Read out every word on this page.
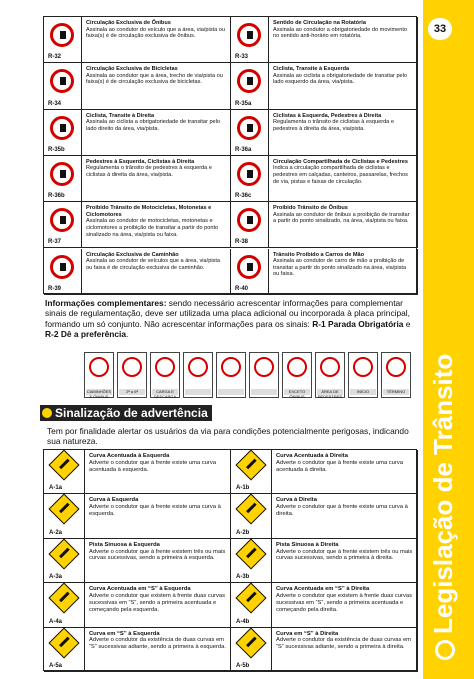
33
Legislação de Trânsito
R-32
Circulação Exclusiva de Ônibus
Assinala ao condutor do veículo que a área, via/pista ou faixa(s) é de circulação exclusiva de ônibus.
R-33
Sentido de Circulação na Rotatória
Assinala ao condutor a obrigatoriedade do movimento no sentido anti-horário em rotatória.
R-34
Circulação Exclusiva de Bicicletas
Assinala ao condutor que a área, trecho de via/pista ou faixa(s) é de circulação exclusiva de bicicletas.
R-35a
Ciclista, Transite à Esquerda
Assinala ao ciclista a obrigatoriedade de transitar pelo lado esquerdo da área, via/pista.
R-35b
Ciclista, Transite à Direita
Assinala ao ciclista a obrigatoriedade de transitar pelo lado direito da área, via/pista.
R-36a
Ciclistas à Esquerda, Pedestres à Direita
Regulamenta o trânsito de ciclistas à esquerda e pedestres à direita da área, via/pista.
R-36b
Pedestres à Esquerda, Ciclistas à Direita
Regulamenta o trânsito de pedestres à esquerda e ciclistas à direita da área, via/pista.
R-36c
Circulação Compartilhada de Ciclistas e Pedestres
Indica a circulação compartilhada de ciclistas e pedestres em calçadas, canteiros, passarelas, frechos de via, pistas e faixas de circulação.
R-37
Proibido Trânsito de Motocicletas, Motonetas e Ciclomotores
Assinala ao condutor de motocicletas, motonetas e ciclomotores a proibição de transitar a partir do ponto sinalizado na área, via/pista ou faixa.
R-38
Proibido Trânsito de Ônibus
Assinala ao condutor de ônibus a proibição de transitar a partir do ponto sinalizado, na área, via/pista ou faixa.
R-39
Circulação Exclusiva de Caminhão
Assinala ao condutor de veículos que a área, via/pista ou faixa é de circulação exclusiva de caminhão.
R-40
Trânsito Proibido a Carros de Mão
Assinala ao condutor de carro de mão a proibição de transitar a partir do ponto sinalizado na área, via/pista ou faixa.
Informações complementares: sendo necessário acrescentar informações para complementar sinais de regulamentação, deve ser utilizada uma placa adicional ou incorporada à placa principal, formando um só conjunto. Não acrescentar informações para os sinais: R-1 Parada Obrigatória e R-2 Dê a preferência.
CAMINHÕES E ÔNIBUS
2ª a 6ª	CARGA E DESCARGA
EXCETO ÔNIBUS
ÁREA DE PEDESTRES
INÍCIO	TÉRMINO
Sinalização de advertência
Tem por finalidade alertar os usuários da via para condições potencialmente perigosas, indicando sua natureza.
A-1a
Curva Acentuada à Esquerda
Adverte o condutor que à frente existe uma curva acentuada à esquerda.
A-1b
Curva Acentuada à Direita
Adverte o condutor que à frente existe uma curva acentuada à direita.
A-2a
Curva à Esquerda
Adverte o condutor que à frente existe uma curva à esquerda.
A-2b
Curva à Direita
Adverte o condutor que à frente existe uma curva à direita.
A-3a
Pista Sinuosa à Esquerda
Adverte o condutor que à frente existem três ou mais curvas sucessivas, sendo a primeira à esquerda.
A-3b
Pista Sinuosa à Direita
Adverte o condutor que à frente existem três ou mais curvas sucessivas, sendo a primeira à direita.
A-4a
Curva Acentuada em “S” à Esquerda
Adverte o condutor que existem à frente duas curvas sucessivas em “S”, sendo a primeira acentuada e começando pela esquerda.
A-4b
Curva Acentuada em “S” à Direita
Adverte o condutor que existem à frente duas curvas sucessivas em “S”, sendo a primeira acentuada e começando pela direita.
A-5a
Curva em “S” à Esquerda
Adverte o condutor da existência de duas curvas em “S” sucessivas adiante, sendo a primeira à esquerda.
A-5b
Curva em “S” à Direita
Adverte o condutor da existência de duas curvas em “S” sucessivas adiante, sendo a primeira à direita.
